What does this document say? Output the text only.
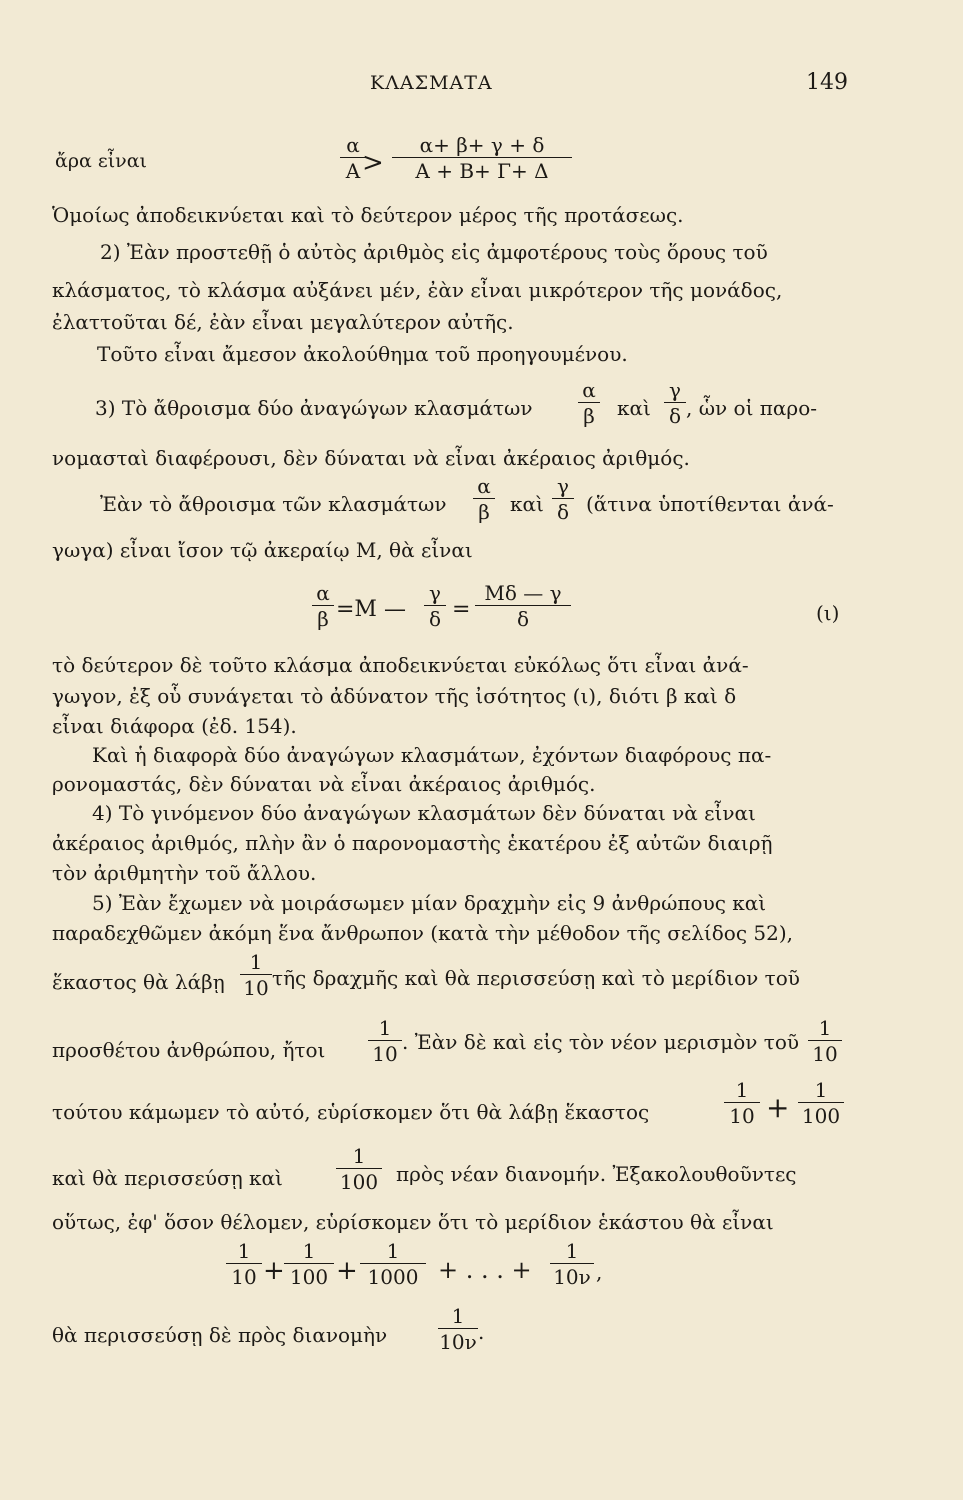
ΚΛΑΣΜΑΤΑ	149
ἄρα εἶναι
α
Α >
α+ β+ γ + δ
Α + Β+ Γ+ Δ
Ὁμοίως ἀποδεικνύεται καὶ τὸ δεύτερον μέρος τῆς προτάσεως.
2) Ἐὰν προστεθῇ ὁ αὐτὸς ἀριθμὸς εἰς ἀμφοτέρους τοὺς ὅρους τοῦ
κλάσματος, τὸ κλάσμα αὐξάνει μέν, ἐὰν εἶναι μικρότερον τῆς μονάδος,
ἐλαττοῦται δέ, ἐὰν εἶναι μεγαλύτερον αὐτῆς.
Τοῦτο εἶναι ἄμεσον ἀκολούθημα τοῦ προηγουμένου.
3) Τὸ ἄθροισμα δύο ἀναγώγων κλασμάτων
α
β καὶ
γ
δ , ὧν οἱ παρο-
νομασταὶ διαφέρουσι, δὲν δύναται νὰ εἶναι ἀκέραιος ἀριθμός.
Ἐὰν τὸ ἄθροισμα τῶν κλασμάτων
α
β καὶ
γ
δ (ἅτινα ὑποτίθενται ἀνά-
γωγα) εἶναι ἴσον τῷ ἀκεραίῳ Μ, θὰ εἶναι
α
β =Μ —
γ
δ =
Μδ — γ
δ	(ι)
τὸ δεύτερον δὲ τοῦτο κλάσμα ἀποδεικνύεται εὐκόλως ὅτι εἶναι ἀνά-
γωγον, ἐξ οὗ συνάγεται τὸ ἀδύνατον τῆς ἰσότητος (ι), διότι β καὶ δ
εἶναι διάφορα (ἐδ. 154).
Καὶ ἡ διαφορὰ δύο ἀναγώγων κλασμάτων, ἐχόντων διαφόρους πα-
ρονομαστάς, δὲν δύναται νὰ εἶναι ἀκέραιος ἀριθμός.
4) Τὸ γινόμενον δύο ἀναγώγων κλασμάτων δὲν δύναται νὰ εἶναι
ἀκέραιος ἀριθμός, πλὴν ἂν ὁ παρονομαστὴς ἑκατέρου ἐξ αὐτῶν διαιρῇ
τὸν ἀριθμητὴν τοῦ ἄλλου.
5) Ἐὰν ἔχωμεν νὰ μοιράσωμεν μίαν δραχμὴν εἰς 9 ἀνθρώπους καὶ
παραδεχθῶμεν ἀκόμη ἕνα ἄνθρωπον (κατὰ τὴν μέθοδον τῆς σελίδος 52),
ἕκαστος θὰ λάβῃ
1
10 τῆς δραχμῆς καὶ θὰ περισσεύσῃ καὶ τὸ μερίδιον τοῦ
προσθέτου ἀνθρώπου, ἤτοι
1
10 . Ἐὰν δὲ καὶ εἰς τὸν νέον μερισμὸν τοῦ
1
10
τούτου κάμωμεν τὸ αὐτό, εὑρίσκομεν ὅτι θὰ λάβῃ ἕκαστος
1
10 +
1
100
καὶ θὰ περισσεύσῃ καὶ
1
100 πρὸς νέαν διανομήν. Ἐξακολουθοῦντες
οὕτως, ἐφ' ὅσον θέλομεν, εὑρίσκομεν ὅτι τὸ μερίδιον ἑκάστου θὰ εἶναι
1
10 +
1
100 +
1
1000 + . . . +
1
10ν ,
θὰ περισσεύσῃ δὲ πρὸς διανομὴν
1
10ν .
